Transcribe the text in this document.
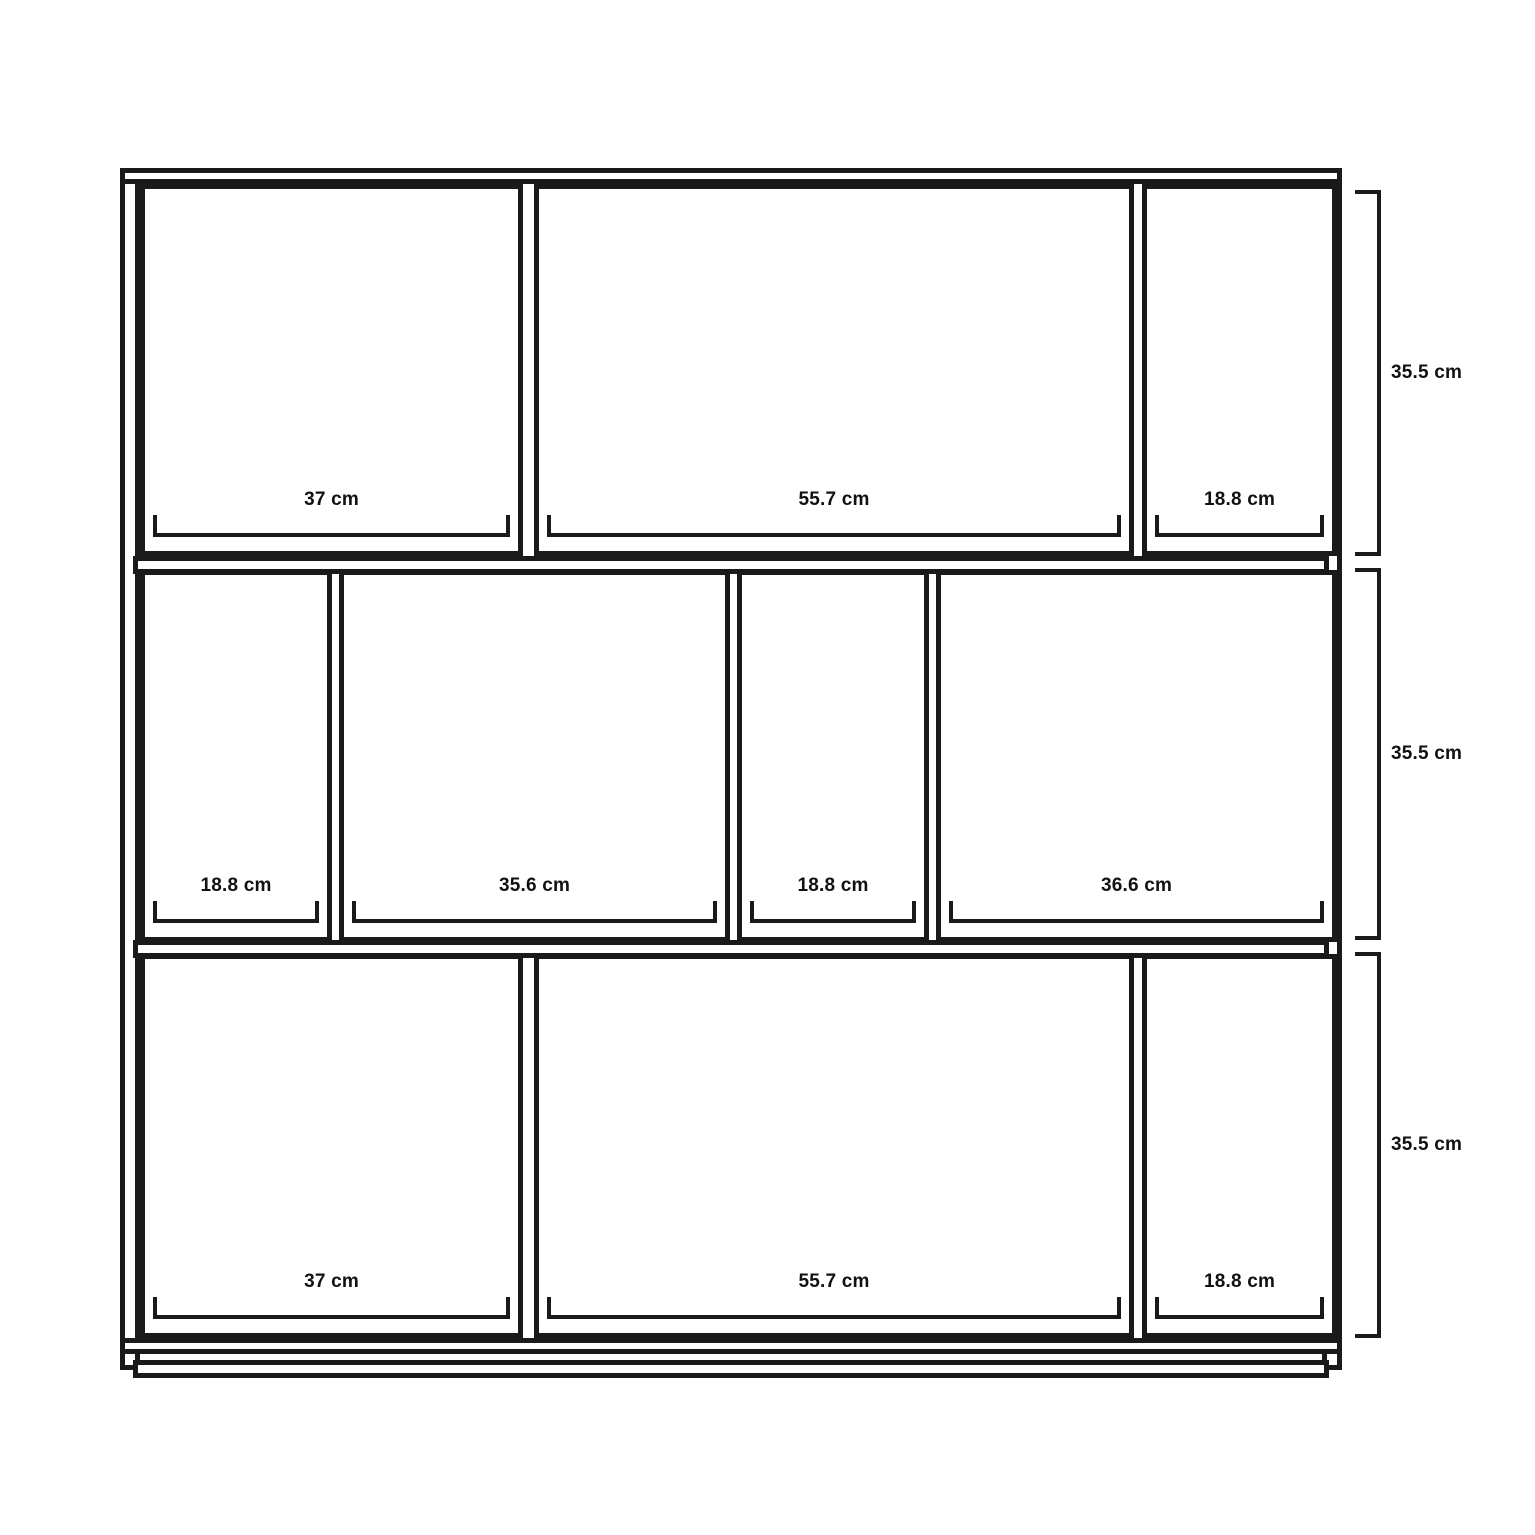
37 cm	55.7 cm	18.8 cm
18.8 cm	35.6 cm	18.8 cm	36.6 cm
37 cm	55.7 cm	18.8 cm
35.5 cm
35.5 cm
35.5 cm
